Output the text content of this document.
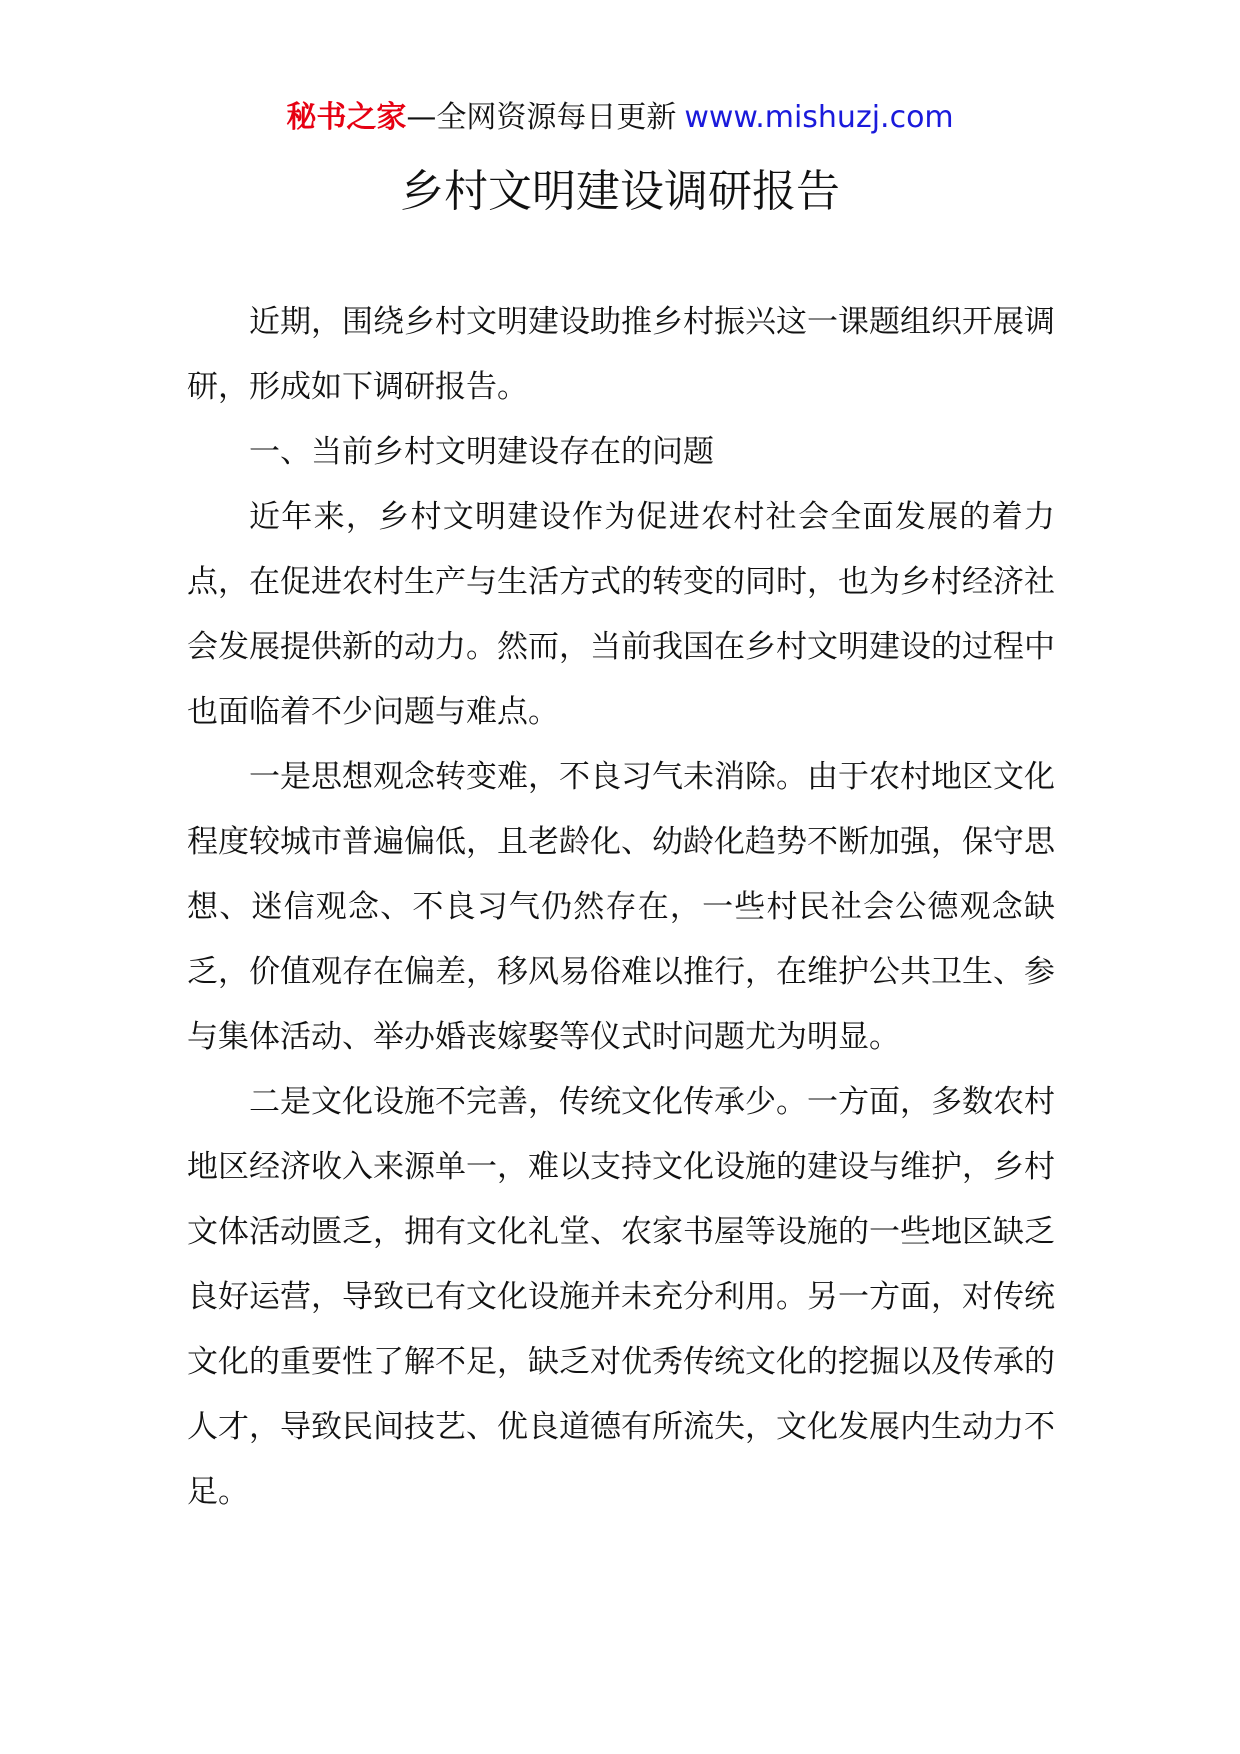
秘书之家—全网资源每日更新 www.mishuzj.com
乡村文明建设调研报告

近期，围绕乡村文明建设助推乡村振兴这一课题组织开展调研，形成如下调研报告。

一、当前乡村文明建设存在的问题

近年来，乡村文明建设作为促进农村社会全面发展的着力点，在促进农村生产与生活方式的转变的同时，也为乡村经济社会发展提供新的动力。然而，当前我国在乡村文明建设的过程中也面临着不少问题与难点。

一是思想观念转变难，不良习气未消除。由于农村地区文化程度较城市普遍偏低，且老龄化、幼龄化趋势不断加强，保守思想、迷信观念、不良习气仍然存在，一些村民社会公德观念缺乏，价值观存在偏差，移风易俗难以推行，在维护公共卫生、参与集体活动、举办婚丧嫁娶等仪式时问题尤为明显。

二是文化设施不完善，传统文化传承少。一方面，多数农村地区经济收入来源单一，难以支持文化设施的建设与维护，乡村文体活动匮乏，拥有文化礼堂、农家书屋等设施的一些地区缺乏良好运营，导致已有文化设施并未充分利用。另一方面，对传统文化的重要性了解不足，缺乏对优秀传统文化的挖掘以及传承的人才，导致民间技艺、优良道德有所流失，文化发展内生动力不足。
